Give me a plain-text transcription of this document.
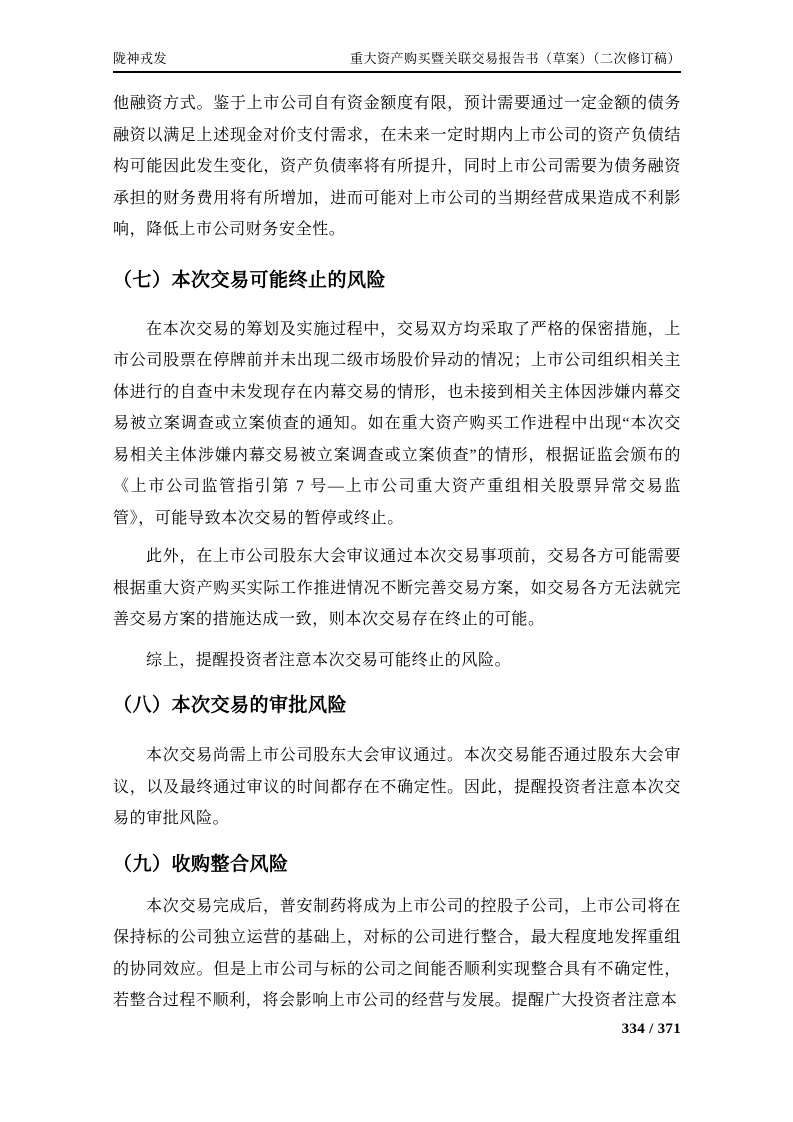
陇神戎发	重大资产购买暨关联交易报告书（草案）（二次修订稿）

他融资方式。鉴于上市公司自有资金额度有限，预计需要通过一定金额的债务融资以满足上述现金对价支付需求，在未来一定时期内上市公司的资产负债结构可能因此发生变化，资产负债率将有所提升，同时上市公司需要为债务融资承担的财务费用将有所增加，进而可能对上市公司的当期经营成果造成不利影响，降低上市公司财务安全性。

（七）本次交易可能终止的风险

在本次交易的筹划及实施过程中，交易双方均采取了严格的保密措施，上市公司股票在停牌前并未出现二级市场股价异动的情况；上市公司组织相关主体进行的自查中未发现存在内幕交易的情形，也未接到相关主体因涉嫌内幕交易被立案调查或立案侦查的通知。如在重大资产购买工作进程中出现“本次交易相关主体涉嫌内幕交易被立案调查或立案侦查”的情形，根据证监会颁布的《上市公司监管指引第 7 号—上市公司重大资产重组相关股票异常交易监管》，可能导致本次交易的暂停或终止。

此外，在上市公司股东大会审议通过本次交易事项前，交易各方可能需要根据重大资产购买实际工作推进情况不断完善交易方案，如交易各方无法就完善交易方案的措施达成一致，则本次交易存在终止的可能。

综上，提醒投资者注意本次交易可能终止的风险。

（八）本次交易的审批风险

本次交易尚需上市公司股东大会审议通过。本次交易能否通过股东大会审议，以及最终通过审议的时间都存在不确定性。因此，提醒投资者注意本次交易的审批风险。

（九）收购整合风险

本次交易完成后，普安制药将成为上市公司的控股子公司，上市公司将在保持标的公司独立运营的基础上，对标的公司进行整合，最大程度地发挥重组的协同效应。但是上市公司与标的公司之间能否顺利实现整合具有不确定性，若整合过程不顺利，将会影响上市公司的经营与发展。提醒广大投资者注意本

334 / 371
